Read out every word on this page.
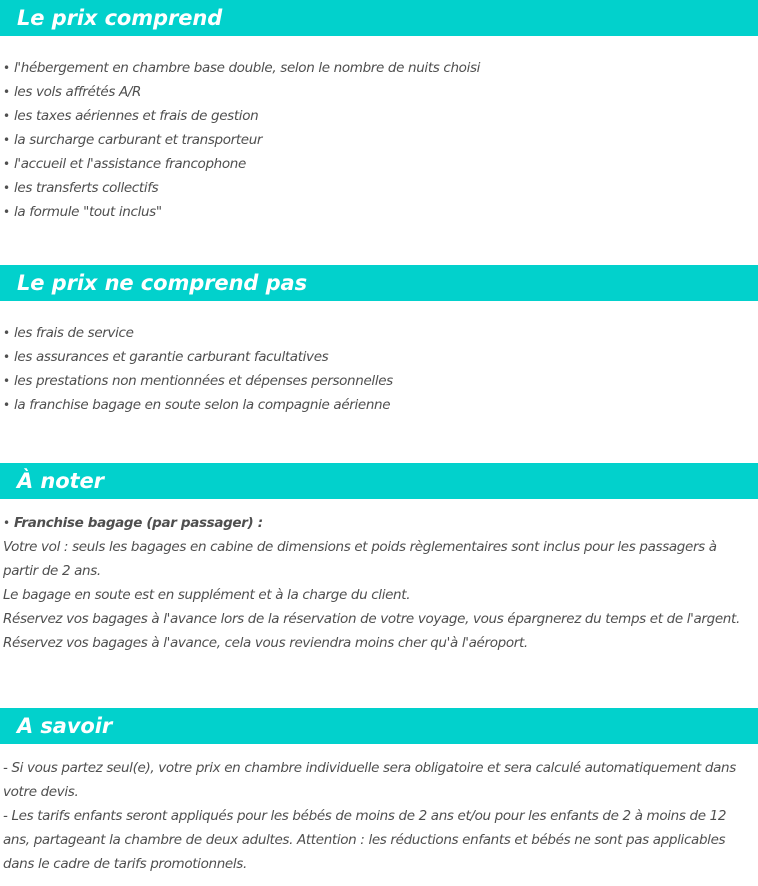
Le prix comprend
• l'hébergement en chambre base double, selon le nombre de nuits choisi
• les vols affrétés A/R
• les taxes aériennes et frais de gestion
• la surcharge carburant et transporteur
• l'accueil et l'assistance francophone
• les transferts collectifs
• la formule "tout inclus"
Le prix ne comprend pas
• les frais de service
• les assurances et garantie carburant facultatives
• les prestations non mentionnées et dépenses personnelles
• la franchise bagage en soute selon la compagnie aérienne
À noter

• Franchise bagage (par passager) :

Votre vol : seuls les bagages en cabine de dimensions et poids règlementaires sont inclus pour les passagers à partir de 2 ans.

Le bagage en soute est en supplément et à la charge du client.

Réservez vos bagages à l'avance lors de la réservation de votre voyage, vous épargnerez du temps et de l'argent.

Réservez vos bagages à l'avance, cela vous reviendra moins cher qu'à l'aéroport.

A savoir

- Si vous partez seul(e), votre prix en chambre individuelle sera obligatoire et sera calculé automatiquement dans votre devis.

- Les tarifs enfants seront appliqués pour les bébés de moins de 2 ans et/ou pour les enfants de 2 à moins de 12 ans, partageant la chambre de deux adultes. Attention : les réductions enfants et bébés ne sont pas applicables dans le cadre de tarifs promotionnels.
